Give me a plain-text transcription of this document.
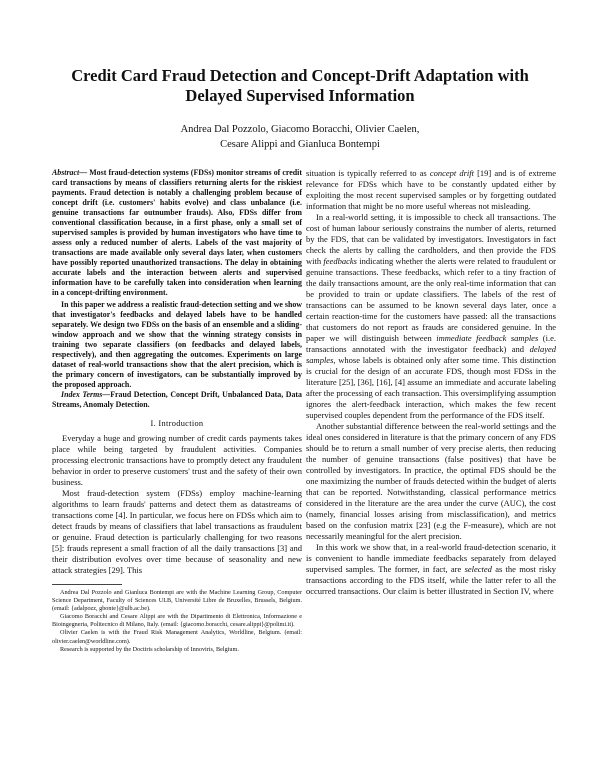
Credit Card Fraud Detection and Concept-Drift Adaptation with
Delayed Supervised Information
Andrea Dal Pozzolo, Giacomo Boracchi, Olivier Caelen,
Cesare Alippi and Gianluca Bontempi

Abstract— Most fraud-detection systems (FDSs) monitor streams of credit card transactions by means of classifiers returning alerts for the riskiest payments. Fraud detection is notably a challenging problem because of concept drift (i.e. customers' habits evolve) and class unbalance (i.e. genuine transactions far outnumber frauds). Also, FDSs differ from conventional classification because, in a first phase, only a small set of supervised samples is provided by human investigators who have time to assess only a reduced number of alerts. Labels of the vast majority of transactions are made available only several days later, when customers have possibly reported unauthorized transactions. The delay in obtaining accurate labels and the interaction between alerts and supervised information have to be carefully taken into consideration when learning in a concept-drifting environment.

In this paper we address a realistic fraud-detection setting and we show that investigator's feedbacks and delayed labels have to be handled separately. We design two FDSs on the basis of an ensemble and a sliding-window approach and we show that the winning strategy consists in training two separate classifiers (on feedbacks and delayed labels, respectively), and then aggregating the outcomes. Experiments on large dataset of real-world transactions show that the alert precision, which is the primary concern of investigators, can be substantially improved by the proposed approach.

Index Terms—Fraud Detection, Concept Drift, Unbalanced Data, Data Streams, Anomaly Detection.

I. Introduction

Everyday a huge and growing number of credit cards payments takes place while being targeted by fraudulent activities. Companies processing electronic transactions have to promptly detect any fraudulent behavior in order to preserve customers' trust and the safety of their own business.

Most fraud-detection system (FDSs) employ machine-learning algorithms to learn frauds' patterns and detect them as datastreams of transactions come [4]. In particular, we focus here on FDSs which aim to detect frauds by means of classifiers that label transactions as fraudulent or genuine. Fraud detection is particularly challenging for two reasons [5]: frauds represent a small fraction of all the daily transactions [3] and their distribution evolves over time because of seasonality and new attack strategies [29]. This

Andrea Dal Pozzolo and Gianluca Bontempi are with the Machine Learning Group, Computer Science Department, Faculty of Sciences ULB, Université Libre de Bruxelles, Brussels, Belgium. (email: {adalpozz, gbonte}@ulb.ac.be).

Giacomo Boracchi and Cesare Alippi are with the Dipartimento di Elettronica, Informazione e Bioingegneria, Politecnico di Milano, Italy. (email: {giacomo.boracchi, cesare.alippi}@polimi.it).

Olivier Caelen is with the Fraud Risk Management Analytics, Worldline, Belgium. (email: olivier.caelen@worldline.com).

Research is supported by the Doctiris scholarship of Innoviris, Belgium.

situation is typically referred to as concept drift [19] and is of extreme relevance for FDSs which have to be constantly updated either by exploiting the most recent supervised samples or by forgetting outdated information that might be no more useful whereas not misleading.

In a real-world setting, it is impossible to check all transactions. The cost of human labour seriously constrains the number of alerts, returned by the FDS, that can be validated by investigators. Investigators in fact check the alerts by calling the cardholders, and then provide the FDS with feedbacks indicating whether the alerts were related to fraudulent or genuine transactions. These feedbacks, which refer to a tiny fraction of the daily transactions amount, are the only real-time information that can be provided to train or update classifiers. The labels of the rest of transactions can be assumed to be known several days later, once a certain reaction-time for the customers have passed: all the transactions that customers do not report as frauds are considered genuine. In the paper we will distinguish between immediate feedback samples (i.e. transactions annotated with the investigator feedback) and delayed samples, whose labels is obtained only after some time. This distinction is crucial for the design of an accurate FDS, though most FDSs in the literature [25], [36], [16], [4] assume an immediate and accurate labeling after the processing of each transaction. This oversimplifying assumption ignores the alert-feedback interaction, which makes the few recent supervised couples dependent from the performance of the FDS itself.

Another substantial difference between the real-world settings and the ideal ones considered in literature is that the primary concern of any FDS should be to return a small number of very precise alerts, then reducing the number of genuine transactions (false positives) that have be controlled by investigators. In practice, the optimal FDS should be the one maximizing the number of frauds detected within the budget of alerts that can be reported. Notwithstanding, classical performance metrics considered in the literature are the area under the curve (AUC), the cost (namely, financial losses arising from misclassification), and metrics based on the confusion matrix [23] (e.g the F-measure), which are not necessarily meaningful for the alert precision.

In this work we show that, in a real-world fraud-detection scenario, it is convenient to handle immediate feedbacks separately from delayed supervised samples. The former, in fact, are selected as the most risky transactions according to the FDS itself, while the latter refer to all the occurred transactions. Our claim is better illustrated in Section IV, where
